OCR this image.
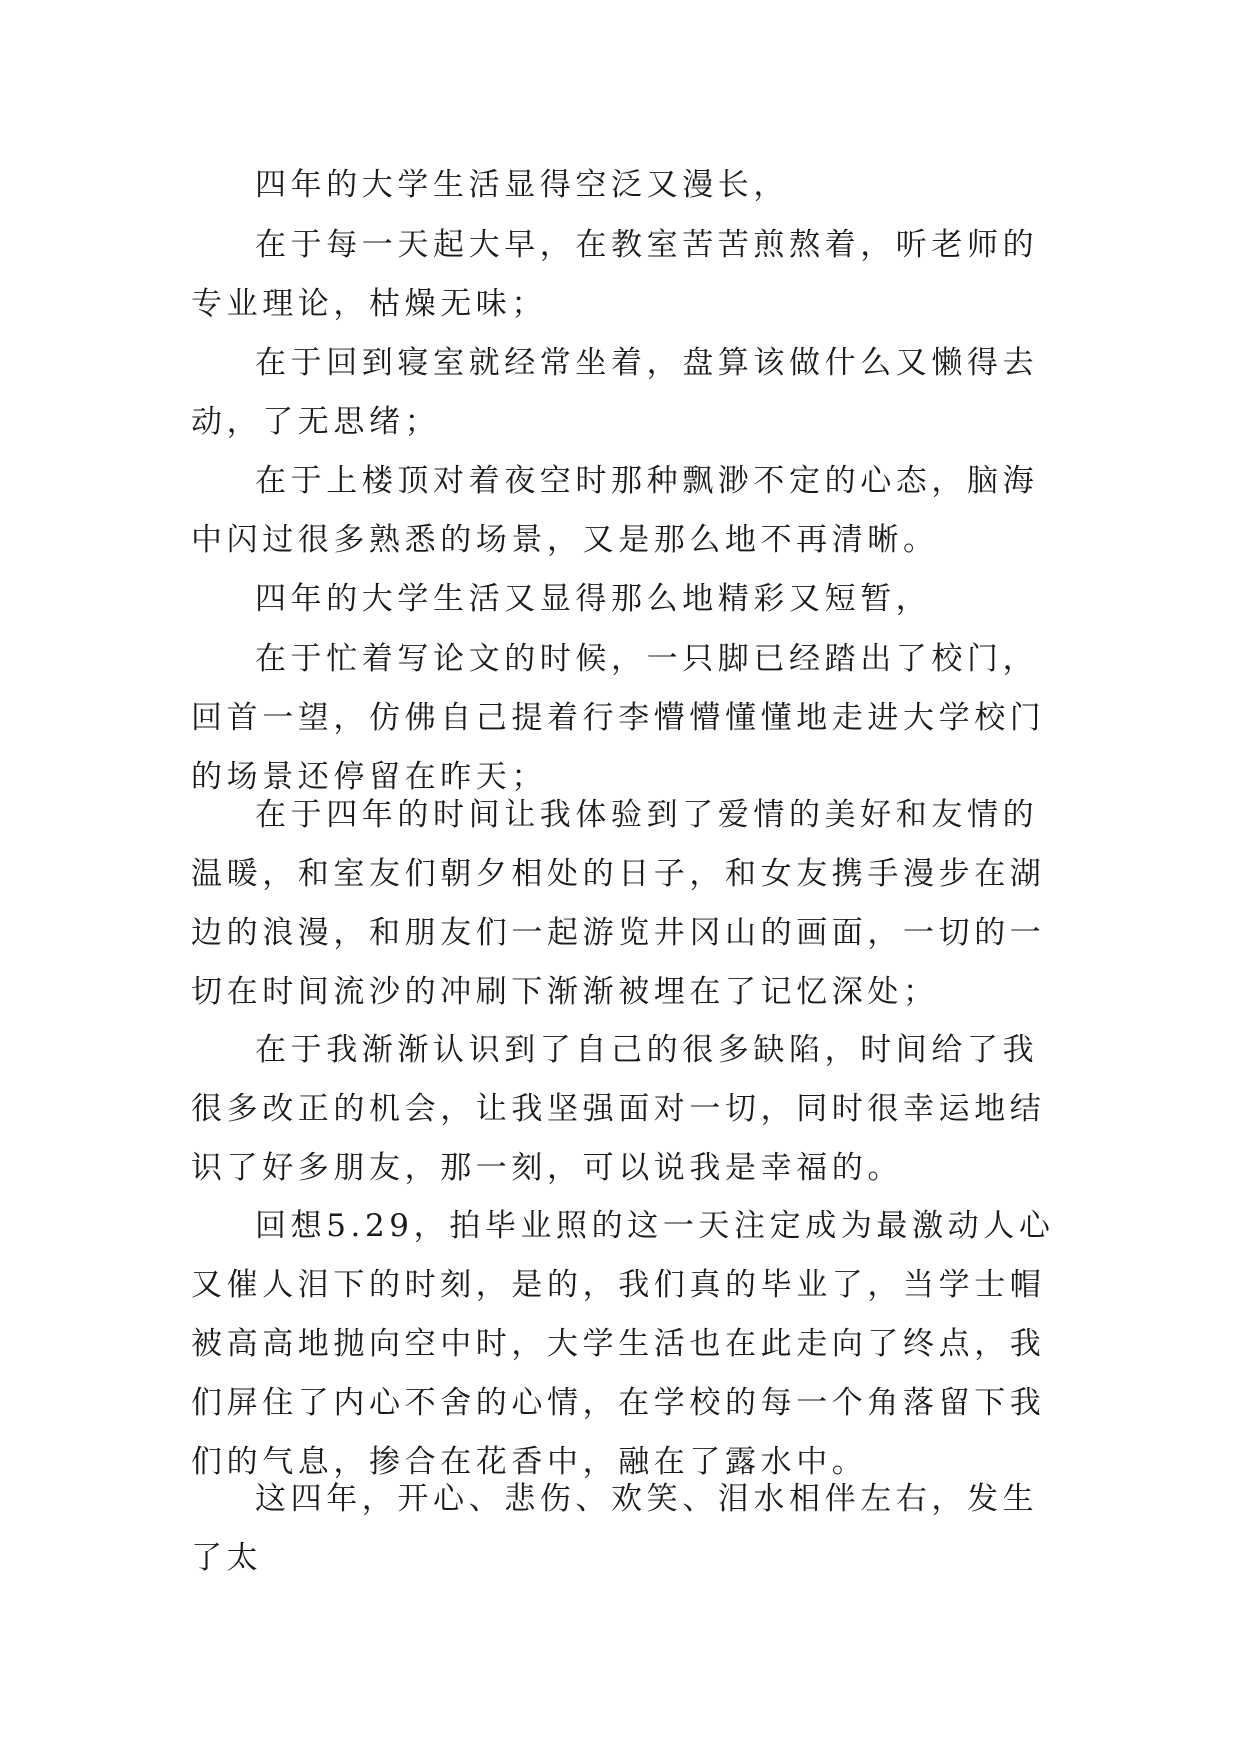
四年的大学生活显得空泛又漫长，

在于每一天起大早，在教室苦苦煎熬着，听老师的专业理论，枯燥无味；

在于回到寝室就经常坐着，盘算该做什么又懒得去动，了无思绪；

在于上楼顶对着夜空时那种飘渺不定的心态，脑海中闪过很多熟悉的场景，又是那么地不再清晰。

四年的大学生活又显得那么地精彩又短暂，

在于忙着写论文的时候，一只脚已经踏出了校门，回首一望，仿佛自己提着行李懵懵懂懂地走进大学校门的场景还停留在昨天；

在于四年的时间让我体验到了爱情的美好和友情的温暖，和室友们朝夕相处的日子，和女友携手漫步在湖边的浪漫，和朋友们一起游览井冈山的画面，一切的一切在时间流沙的冲刷下渐渐被埋在了记忆深处；

在于我渐渐认识到了自己的很多缺陷，时间给了我很多改正的机会，让我坚强面对一切，同时很幸运地结识了好多朋友，那一刻，可以说我是幸福的。

回想5.29，拍毕业照的这一天注定成为最激动人心又催人泪下的时刻，是的，我们真的毕业了，当学士帽被高高地抛向空中时，大学生活也在此走向了终点，我们屏住了内心不舍的心情，在学校的每一个角落留下我们的气息，掺合在花香中，融在了露水中。

这四年，开心、悲伤、欢笑、泪水相伴左右，发生了太
